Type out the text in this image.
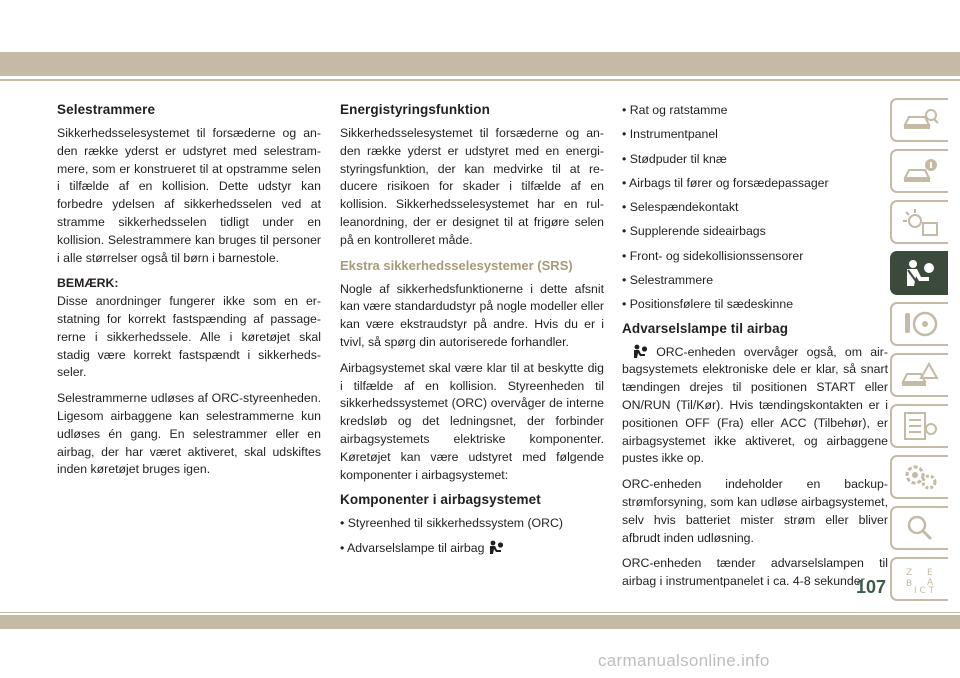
Selestrammere

Sikkerhedsselesystemet til forsæderne og anden række yderst er udstyret med selestrammere, som er konstrueret til at opstramme selen i tilfælde af en kollision. Dette udstyr kan forbedre ydelsen af sikkerhedsselen ved at stramme sikkerhedsselen tidligt under en kollision. Selestrammere kan bruges til personer i alle størrelser også til børn i barnestole.

BEMÆRK:

Disse anordninger fungerer ikke som en erstatning for korrekt fastspænding af passagererne i sikkerhedssele. Alle i køretøjet skal stadig være korrekt fastspændt i sikkerhedsseler.

Selestrammerne udløses af ORC-styreenheden. Ligesom airbaggene kan selestrammerne kun udløses én gang. En selestrammer eller en airbag, der har været aktiveret, skal udskiftes inden køretøjet bruges igen.

Energistyringsfunktion

Sikkerhedsselesystemet til forsæderne og anden række yderst er udstyret med en energistyringsfunktion, der kan medvirke til at reducere risikoen for skader i tilfælde af en kollision. Sikkerhedsselesystemet har en rulleanordning, der er designet til at frigøre selen på en kontrolleret måde.

Ekstra sikkerhedsselesystemer (SRS)

Nogle af sikkerhedsfunktionerne i dette afsnit kan være standardudstyr på nogle modeller eller kan være ekstraudstyr på andre. Hvis du er i tvivl, så spørg din autoriserede forhandler.

Airbagsystemet skal være klar til at beskytte dig i tilfælde af en kollision. Styreenheden til sikkerhedssystemet (ORC) overvåger de interne kredsløb og det ledningsnet, der forbinder airbagsystemets elektriske komponenter. Køretøjet kan være udstyret med følgende komponenter i airbagsystemet:

Komponenter i airbagsystemet
• Styreenhed til sikkerhedssystem (ORC)
• Advarselslampe til airbag
• Rat og ratstamme
• Instrumentpanel
• Stødpuder til knæ
• Airbags til fører og forsædepassager
• Selespændekontakt
• Supplerende sideairbags
• Front- og sidekollisionssensorer
• Selestrammere
• Positionsfølere til sædeskinne
Advarselslampe til airbag

ORC-enheden overvåger også, om airbagsystemets elektroniske dele er klar, så snart tændingen drejes til positionen START eller ON/RUN (Til/Kør). Hvis tændingskontakten er i positionen OFF (Fra) eller ACC (Tilbehør), er airbagsystemet ikke aktiveret, og airbaggene pustes ikke op.

ORC-enheden indeholder en backup-strømforsyning, som kan udløse airbagsystemet, selv hvis batteriet mister strøm eller bliver afbrudt inden udløsning.

ORC-enheden tænder advarselslampen til airbag i instrumentpanelet i ca. 4-8 sekunder

Z E
B A
I C T
107
carmanualsonline.info
